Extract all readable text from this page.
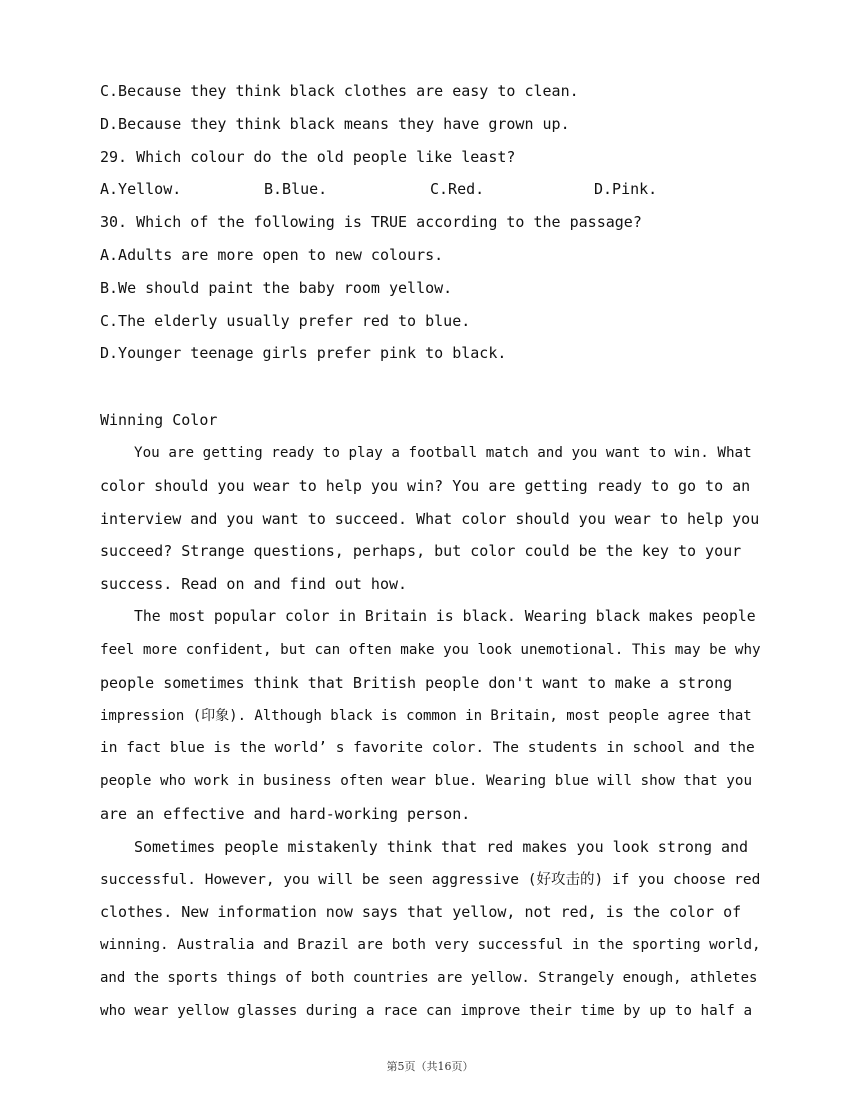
C.Because they think black clothes are easy to clean.
D.Because they think black means they have grown up.
29. Which colour do the old people like least?

A.Yellow.

	B.Blue.

	C.Red.

	D.Pink.

30. Which of the following is TRUE according to the passage?
A.Adults are more open to new colours.
B.We should paint the baby room yellow.
C.The elderly usually prefer red to blue.
D.Younger teenage girls prefer pink to black.
Winning Color
You are getting ready to play a football match and you want to win. What
color should you wear to help you win? You are getting ready to go to an
interview and you want to succeed. What color should you wear to help you
succeed? Strange questions, perhaps, but color could be the key to your
success. Read on and find out how.
The most popular color in Britain is black. Wearing black makes people
feel more confident, but can often make you look unemotional. This may be why
people sometimes think that British people don't want to make a strong
impression (印象). Although black is common in Britain, most people agree that
in fact blue is the world’ s favorite color. The students in school and the
people who work in business often wear blue. Wearing blue will show that you
are an effective and hard-working person.
Sometimes people mistakenly think that red makes you look strong and
successful. However, you will be seen aggressive (好攻击的) if you choose red
clothes. New information now says that yellow, not red, is the color of
winning. Australia and Brazil are both very successful in the sporting world,
and the sports things of both countries are yellow. Strangely enough, athletes
who wear yellow glasses during a race can improve their time by up to half a
第5页（共16页）
